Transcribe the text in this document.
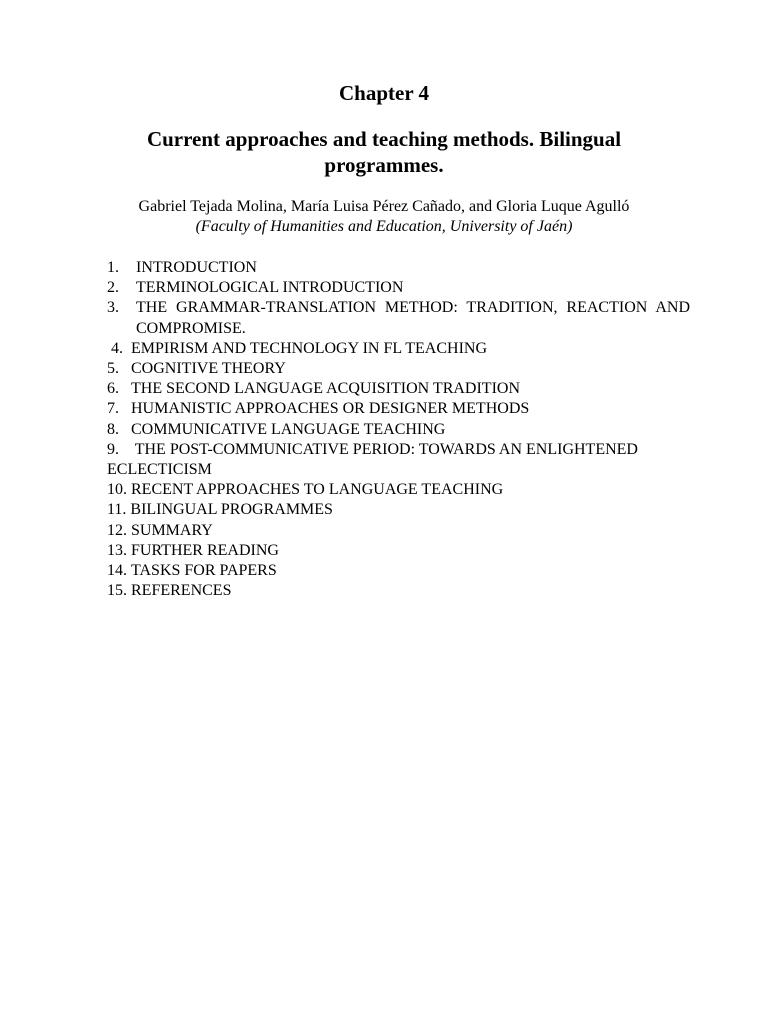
Chapter 4
Current approaches and teaching methods. Bilingual programmes.
Gabriel Tejada Molina, María Luisa Pérez Cañado, and Gloria Luque Agulló
(Faculty of Humanities and Education, University of Jaén)
1.	INTRODUCTION
2.	TERMINOLOGICAL INTRODUCTION
3.	THE GRAMMAR-TRANSLATION METHOD: TRADITION, REACTION AND COMPROMISE.
4.
EMPIRISM AND TECHNOLOGY IN FL TEACHING
5.
COGNITIVE THEORY
6.
THE SECOND LANGUAGE ACQUISITION TRADITION
7.
HUMANISTIC APPROACHES OR DESIGNER METHODS
8.
COMMUNICATIVE LANGUAGE TEACHING
9. THE POST-COMMUNICATIVE PERIOD: TOWARDS AN ENLIGHTENED ECLECTICISM
10.
RECENT APPROACHES TO LANGUAGE TEACHING
11.
BILINGUAL PROGRAMMES
12.
SUMMARY
13.
FURTHER READING
14.
TASKS FOR PAPERS
15.
REFERENCES
